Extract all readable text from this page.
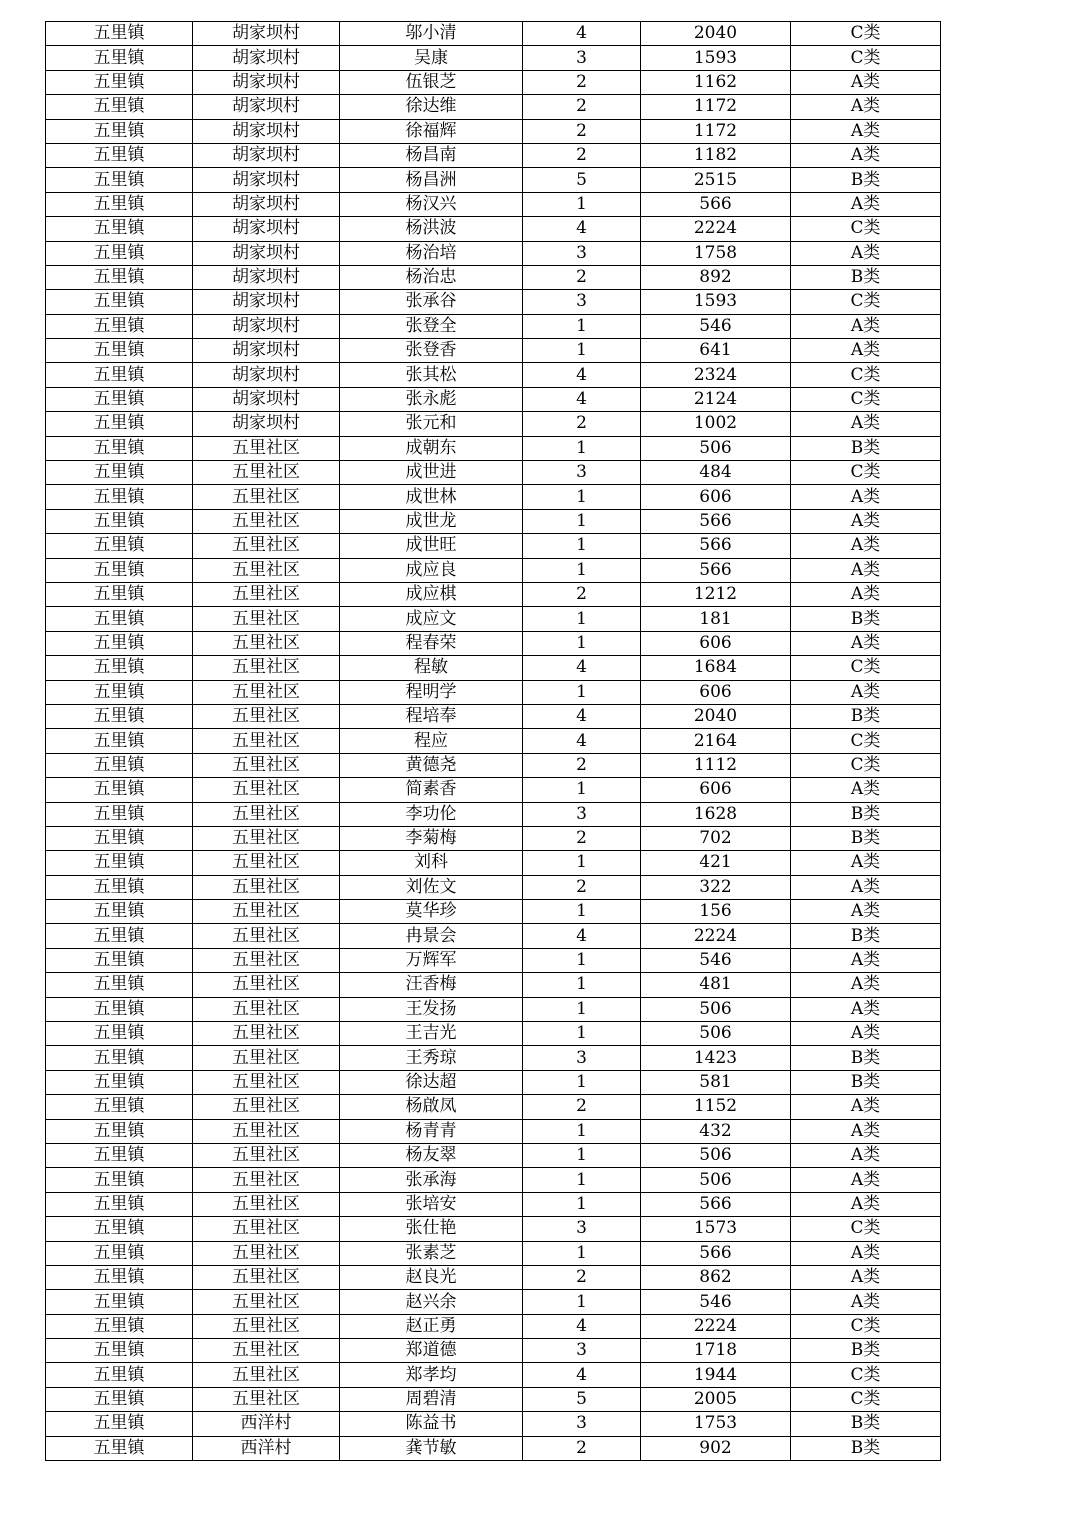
五里镇	胡家坝村	邬小清	4	2040	C类
五里镇	胡家坝村	吴康	3	1593	C类
五里镇	胡家坝村	伍银芝	2	1162	A类
五里镇	胡家坝村	徐达维	2	1172	A类
五里镇	胡家坝村	徐福辉	2	1172	A类
五里镇	胡家坝村	杨昌南	2	1182	A类
五里镇	胡家坝村	杨昌洲	5	2515	B类
五里镇	胡家坝村	杨汉兴	1	566	A类
五里镇	胡家坝村	杨洪波	4	2224	C类
五里镇	胡家坝村	杨治培	3	1758	A类
五里镇	胡家坝村	杨治忠	2	892	B类
五里镇	胡家坝村	张承谷	3	1593	C类
五里镇	胡家坝村	张登全	1	546	A类
五里镇	胡家坝村	张登香	1	641	A类
五里镇	胡家坝村	张其松	4	2324	C类
五里镇	胡家坝村	张永彪	4	2124	C类
五里镇	胡家坝村	张元和	2	1002	A类
五里镇	五里社区	成朝东	1	506	B类
五里镇	五里社区	成世进	3	484	C类
五里镇	五里社区	成世林	1	606	A类
五里镇	五里社区	成世龙	1	566	A类
五里镇	五里社区	成世旺	1	566	A类
五里镇	五里社区	成应良	1	566	A类
五里镇	五里社区	成应棋	2	1212	A类
五里镇	五里社区	成应文	1	181	B类
五里镇	五里社区	程春荣	1	606	A类
五里镇	五里社区	程敏	4	1684	C类
五里镇	五里社区	程明学	1	606	A类
五里镇	五里社区	程培奉	4	2040	B类
五里镇	五里社区	程应	4	2164	C类
五里镇	五里社区	黄德尧	2	1112	C类
五里镇	五里社区	简素香	1	606	A类
五里镇	五里社区	李功伦	3	1628	B类
五里镇	五里社区	李菊梅	2	702	B类
五里镇	五里社区	刘科	1	421	A类
五里镇	五里社区	刘佐文	2	322	A类
五里镇	五里社区	莫华珍	1	156	A类
五里镇	五里社区	冉景会	4	2224	B类
五里镇	五里社区	万辉军	1	546	A类
五里镇	五里社区	汪香梅	1	481	A类
五里镇	五里社区	王发扬	1	506	A类
五里镇	五里社区	王吉光	1	506	A类
五里镇	五里社区	王秀琼	3	1423	B类
五里镇	五里社区	徐达超	1	581	B类
五里镇	五里社区	杨啟凤	2	1152	A类
五里镇	五里社区	杨青青	1	432	A类
五里镇	五里社区	杨友翠	1	506	A类
五里镇	五里社区	张承海	1	506	A类
五里镇	五里社区	张培安	1	566	A类
五里镇	五里社区	张仕艳	3	1573	C类
五里镇	五里社区	张素芝	1	566	A类
五里镇	五里社区	赵良光	2	862	A类
五里镇	五里社区	赵兴余	1	546	A类
五里镇	五里社区	赵正勇	4	2224	C类
五里镇	五里社区	郑道德	3	1718	B类
五里镇	五里社区	郑孝均	4	1944	C类
五里镇	五里社区	周碧清	5	2005	C类
五里镇	西洋村	陈益书	3	1753	B类
五里镇	西洋村	龚节敏	2	902	B类
